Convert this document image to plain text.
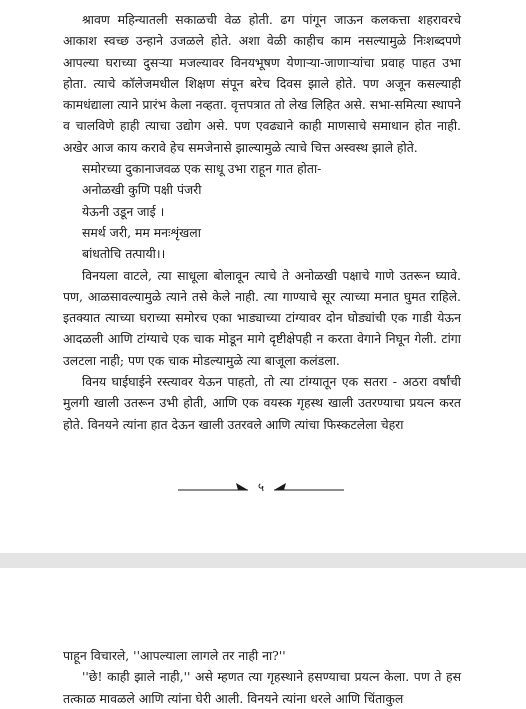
श्रावण महिन्यातली सकाळची वेळ होती. ढग पांगून जाऊन कलकत्ता शहरावरचे आकाश स्वच्छ उन्हाने उजळले होते. अशा वेळी काहीच काम नसल्यामुळे निःशब्दपणे आपल्या घराच्या दुसऱ्या मजल्यावर विनयभूषण येणाऱ्या-जाणाऱ्यांचा प्रवाह पाहत उभा होता. त्याचे कॉलेजमधील शिक्षण संपून बरेच दिवस झाले होते. पण अजून कसल्याही कामधंद्याला त्याने प्रारंभ केला नव्हता. वृत्तपत्रात तो लेख लिहित असे. सभा-समित्या स्थापने व चालविणे हाही त्याचा उद्योग असे. पण एवढ्याने काही माणसाचे समाधान होत नाही. अखेर आज काय करावे हेच समजेनासे झाल्यामुळे त्याचे चित्त अस्वस्थ झाले होते.

समोरच्या दुकानाजवळ एक साधू उभा राहून गात होता-

अनोळखी कुणि पक्षी पंजरी

येऊनी उडून जाई ।

समर्थ जरी, मम मनःशृंखला

बांधतोचि तत्पायी।।

विनयला वाटले, त्या साधूला बोलावून त्याचे ते अनोळखी पक्षाचे गाणे उतरून घ्यावे. पण, आळसावल्यामुळे त्याने तसे केले नाही. त्या गाण्याचे सूर त्याच्या मनात घुमत राहिले. इतक्यात त्याच्या घराच्या समोरच एका भाड्याच्या टांग्यावर दोन घोड्यांची एक गाडी येऊन आदळली आणि टांग्याचे एक चाक मोडून मागे दृष्टीक्षेपही न करता वेगाने निघून गेली. टांगा उलटला नाही; पण एक चाक मोडल्यामुळे त्या बाजूला कलंडला.

विनय घाईघाईने रस्त्यावर येऊन पाहतो, तो त्या टांग्यातून एक सतरा - अठरा वर्षांची मुलगी खाली उतरून उभी होती, आणि एक वयस्क गृहस्थ खाली उतरण्याचा प्रयत्न करत होते. विनयने त्यांना हात देऊन खाली उतरवले आणि त्यांचा फिस्कटलेला चेहरा

५

पाहून विचारले, ''आपल्याला लागले तर नाही ना?''

''छे! काही झाले नाही,'' असे म्हणत त्या गृहस्थाने हसण्याचा प्रयत्न केला. पण ते हस तत्काळ मावळले आणि त्यांना घेरी आली. विनयने त्यांना धरले आणि चिंताकुल
